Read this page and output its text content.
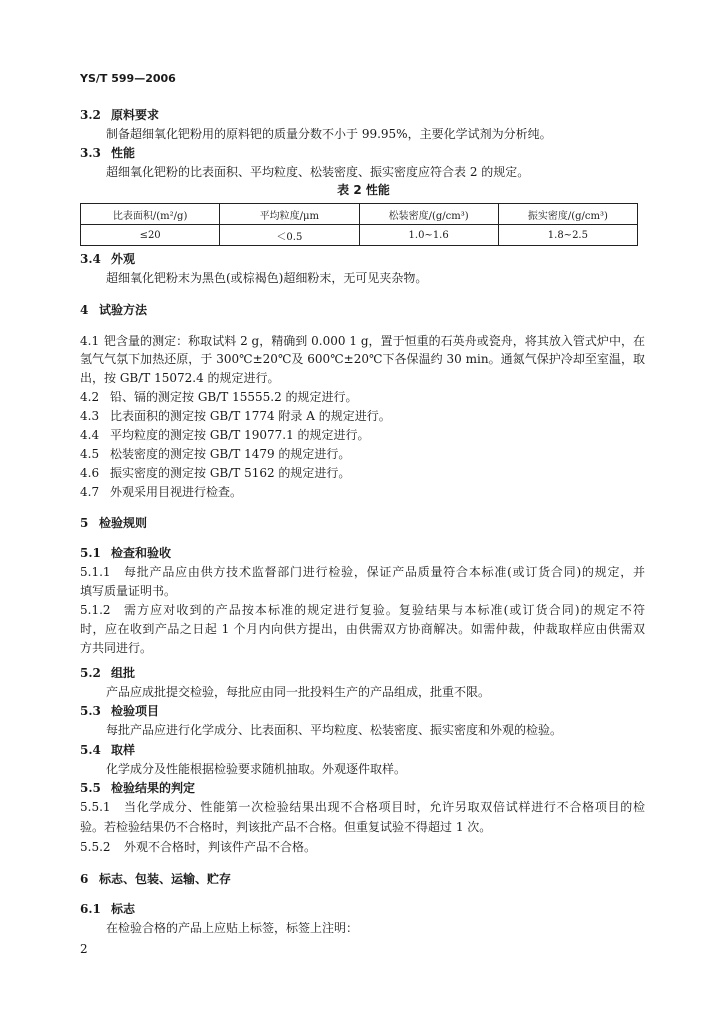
YS/T 599—2006
3.2 原料要求
制备超细氧化钯粉用的原料钯的质量分数不小于 99.95%，主要化学试剂为分析纯。
3.3 性能
超细氧化钯粉的比表面积、平均粒度、松装密度、振实密度应符合表 2 的规定。
表 2 性能
比表面积/(m²/g)	平均粒度/μm	松装密度/(g/cm³)	振实密度/(g/cm³)
≤20	＜0.5	1.0~1.6	1.8~2.5
3.4 外观
超细氧化钯粉末为黑色(或棕褐色)超细粉末，无可见夹杂物。
4 试验方法
4.1 钯含量的测定：称取试料 2 g，精确到 0.000 1 g，置于恒重的石英舟或瓷舟，将其放入管式炉中，在
氢气气氛下加热还原，于 300℃±20℃及 600℃±20℃下各保温约 30 min。通氮气保护冷却至室温，取
出，按 GB/T 15072.4 的规定进行。
4.2 铅、镉的测定按 GB/T 15555.2 的规定进行。
4.3 比表面积的测定按 GB/T 1774 附录 A 的规定进行。
4.4 平均粒度的测定按 GB/T 19077.1 的规定进行。
4.5 松装密度的测定按 GB/T 1479 的规定进行。
4.6 振实密度的测定按 GB/T 5162 的规定进行。
4.7 外观采用目视进行检查。
5 检验规则
5.1 检查和验收
5.1.1 每批产品应由供方技术监督部门进行检验，保证产品质量符合本标准(或订货合同)的规定，并
填写质量证明书。
5.1.2 需方应对收到的产品按本标准的规定进行复验。复验结果与本标准(或订货合同)的规定不符
时，应在收到产品之日起 1 个月内向供方提出，由供需双方协商解决。如需仲裁，仲裁取样应由供需双
方共同进行。
5.2 组批
产品应成批提交检验，每批应由同一批投料生产的产品组成，批重不限。
5.3 检验项目
每批产品应进行化学成分、比表面积、平均粒度、松装密度、振实密度和外观的检验。
5.4 取样
化学成分及性能根据检验要求随机抽取。外观逐件取样。
5.5 检验结果的判定
5.5.1 当化学成分、性能第一次检验结果出现不合格项目时，允许另取双倍试样进行不合格项目的检
验。若检验结果仍不合格时，判该批产品不合格。但重复试验不得超过 1 次。
5.5.2 外观不合格时，判该件产品不合格。
6 标志、包装、运输、贮存
6.1 标志
在检验合格的产品上应贴上标签，标签上注明：
2
